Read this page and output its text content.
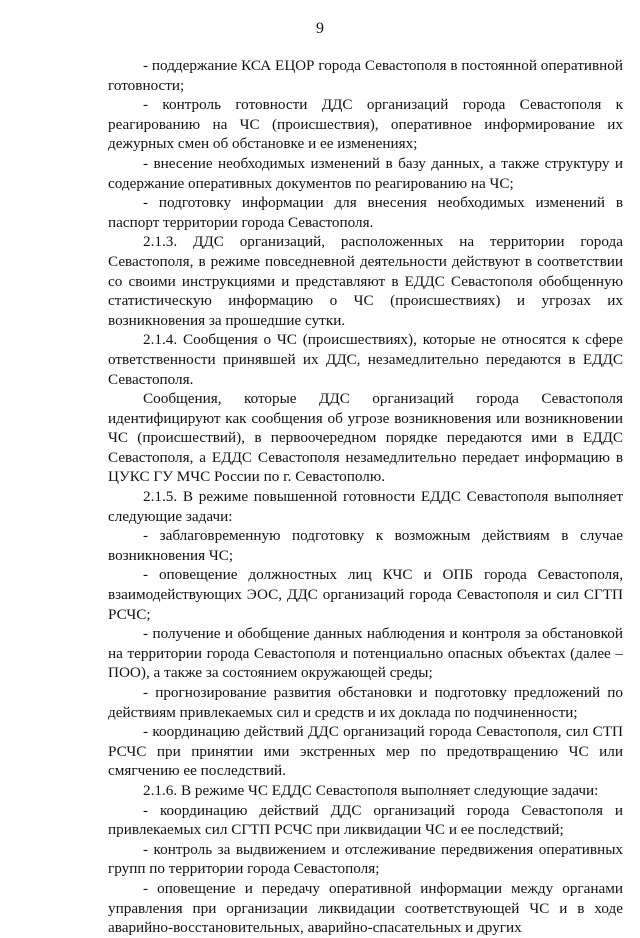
9

- поддержание КСА ЕЦОР города Севастополя в постоянной оперативной готовности;

- контроль готовности ДДС организаций города Севастополя к реагированию на ЧС (происшествия), оперативное информирование их дежурных смен об обстановке и ее изменениях;

- внесение необходимых изменений в базу данных, а также структуру и содержание оперативных документов по реагированию на ЧС;

- подготовку информации для внесения необходимых изменений в паспорт территории города Севастополя.

2.1.3. ДДС организаций, расположенных на территории города Севастополя, в режиме повседневной деятельности действуют в соответствии со своими инструкциями и представляют в ЕДДС Севастополя обобщенную статистическую информацию о ЧС (происшествиях) и угрозах их возникновения за прошедшие сутки.

2.1.4. Сообщения о ЧС (происшествиях), которые не относятся к сфере ответственности принявшей их ДДС, незамедлительно передаются в ЕДДС Севастополя.

Сообщения, которые ДДС организаций города Севастополя идентифицируют как сообщения об угрозе возникновения или возникновении ЧС (происшествий), в первоочередном порядке передаются ими в ЕДДС Севастополя, а ЕДДС Севастополя незамедлительно передает информацию в ЦУКС ГУ МЧС России по г. Севастополю.

2.1.5. В режиме повышенной готовности ЕДДС Севастополя выполняет следующие задачи:

- заблаговременную подготовку к возможным действиям в случае возникновения ЧС;

- оповещение должностных лиц КЧС и ОПБ города Севастополя, взаимодействующих ЭОС, ДДС организаций города Севастополя и сил СГТП РСЧС;

- получение и обобщение данных наблюдения и контроля за обстановкой на территории города Севастополя и потенциально опасных объектах (далее – ПОО), а также за состоянием окружающей среды;

- прогнозирование развития обстановки и подготовку предложений по действиям привлекаемых сил и средств и их доклада по подчиненности;

- координацию действий ДДС организаций города Севастополя, сил СТП РСЧС при принятии ими экстренных мер по предотвращению ЧС или смягчению ее последствий.

2.1.6. В режиме ЧС ЕДДС Севастополя выполняет следующие задачи:

- координацию действий ДДС организаций города Севастополя и привлекаемых сил СГТП РСЧС при ликвидации ЧС и ее последствий;

- контроль за выдвижением и отслеживание передвижения оперативных групп по территории города Севастополя;

- оповещение и передачу оперативной информации между органами управления при организации ликвидации соответствующей ЧС и в ходе аварийно-восстановительных, аварийно-спасательных и других
